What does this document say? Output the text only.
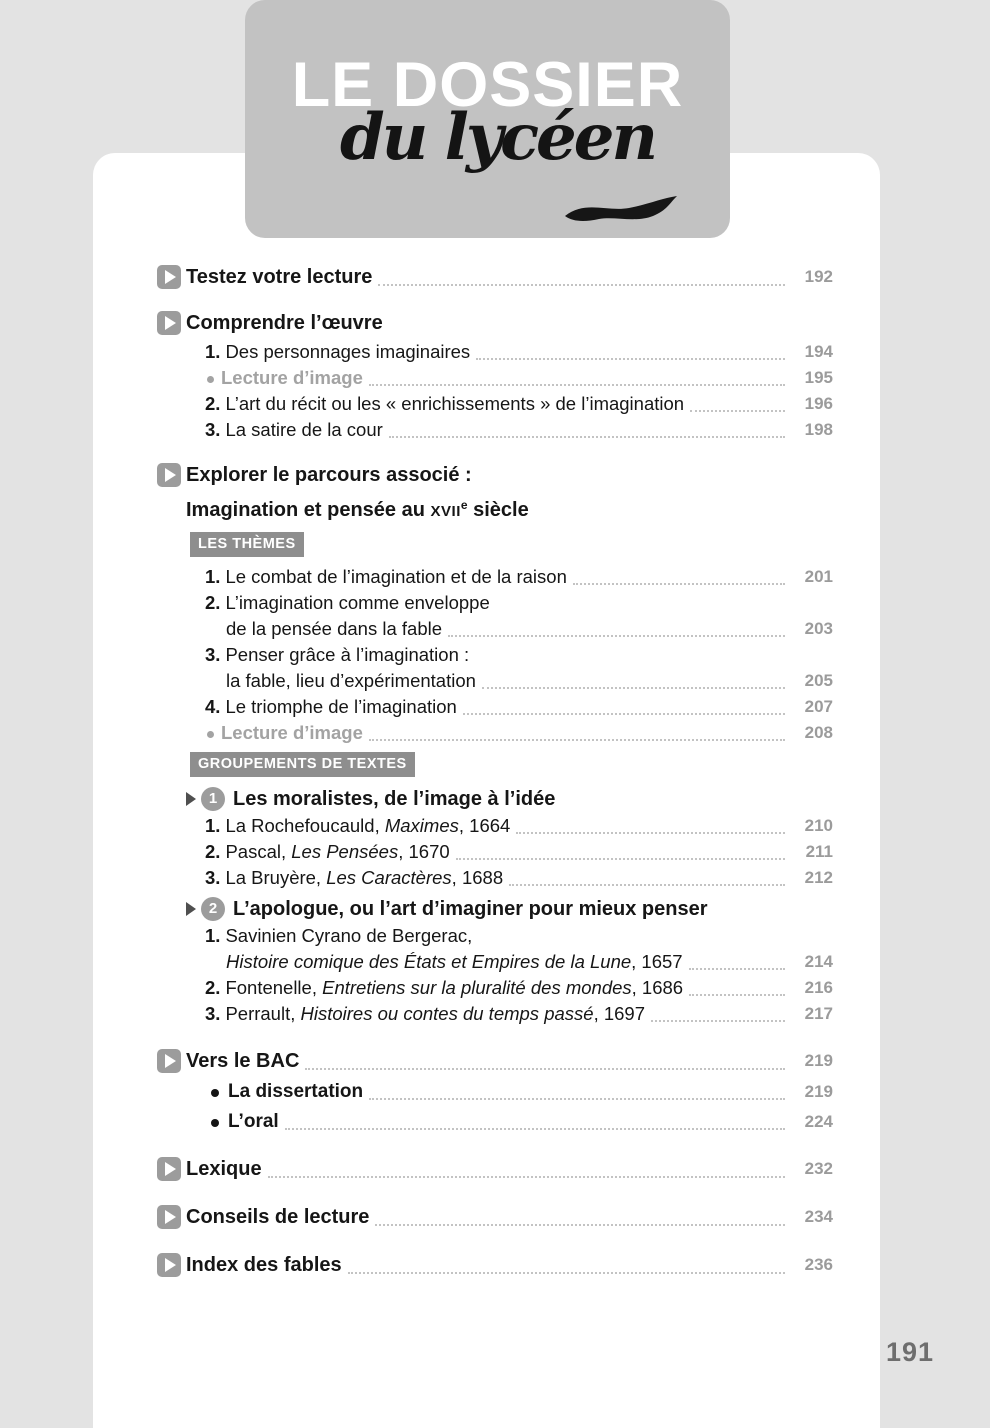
Testez votre lecture	192
Comprendre l’œuvre
1. Des personnages imaginaires	194
Lecture d’image	195
2. L’art du récit ou les « enrichissements » de l’imagination	196
3. La satire de la cour	198
Explorer le parcours associé :
Imagination et pensée au XVIIe siècle
LES THÈMES
1. Le combat de l’imagination et de la raison	201
2. L’imagination comme enveloppe
de la pensée dans la fable	203
3. Penser grâce à l’imagination :
la fable, lieu d’expérimentation	205
4. Le triomphe de l’imagination	207
Lecture d’image	208
GROUPEMENTS DE TEXTES
1 Les moralistes, de l’image à l’idée
1. La Rochefoucauld, Maximes, 1664	210
2. Pascal, Les Pensées, 1670	211
3. La Bruyère, Les Caractères, 1688	212
2 L’apologue, ou l’art d’imaginer pour mieux penser
1. Savinien Cyrano de Bergerac,
Histoire comique des États et Empires de la Lune, 1657	214
2. Fontenelle, Entretiens sur la pluralité des mondes, 1686	216
3. Perrault, Histoires ou contes du temps passé, 1697	217
Vers le BAC	219
La dissertation	219
L’oral	224
Lexique	232
Conseils de lecture	234
Index des fables	236
LE DOSSIER
du lycéen
191
